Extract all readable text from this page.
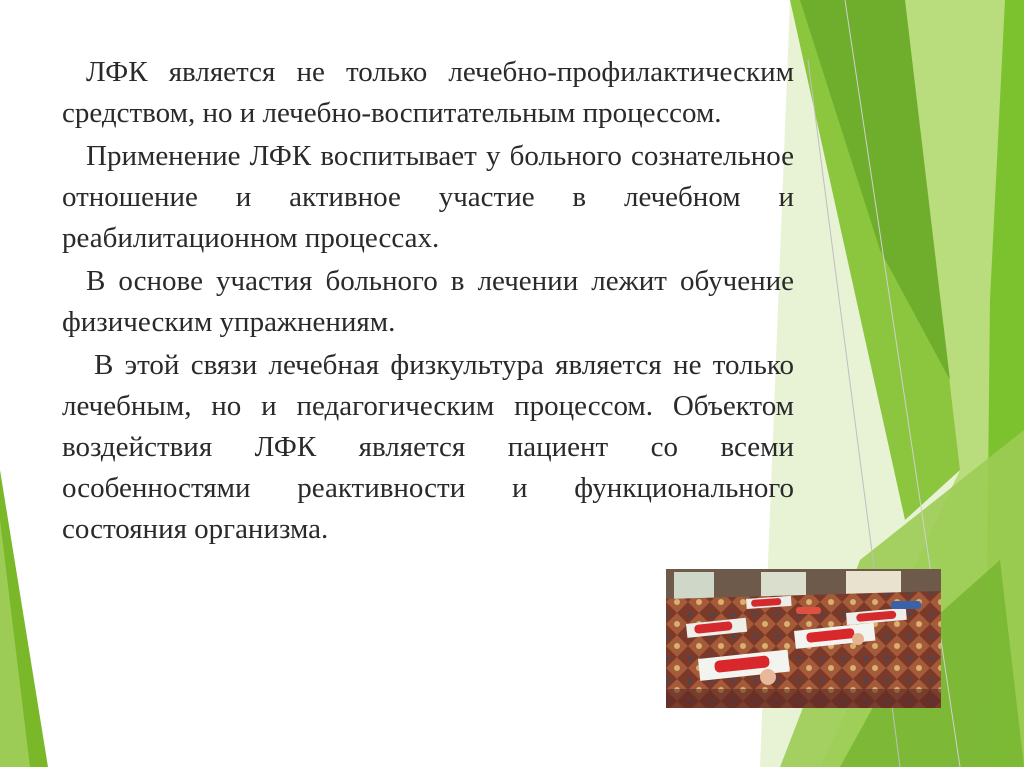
ЛФК является не только лечебно-профилактическим средством, но и лечебно-воспитательным процессом.

Применение ЛФК воспитывает у больного сознательное отношение и активное участие в лечебном и реабилитационном процессах.

В основе участия больного в лечении лежит обучение физическим упражнениям.

В этой связи лечебная физкультура является не только лечебным, но и педагогическим процессом. Объектом воздействия ЛФК является пациент со всеми особенностями реактивности и функционального состояния организма.
